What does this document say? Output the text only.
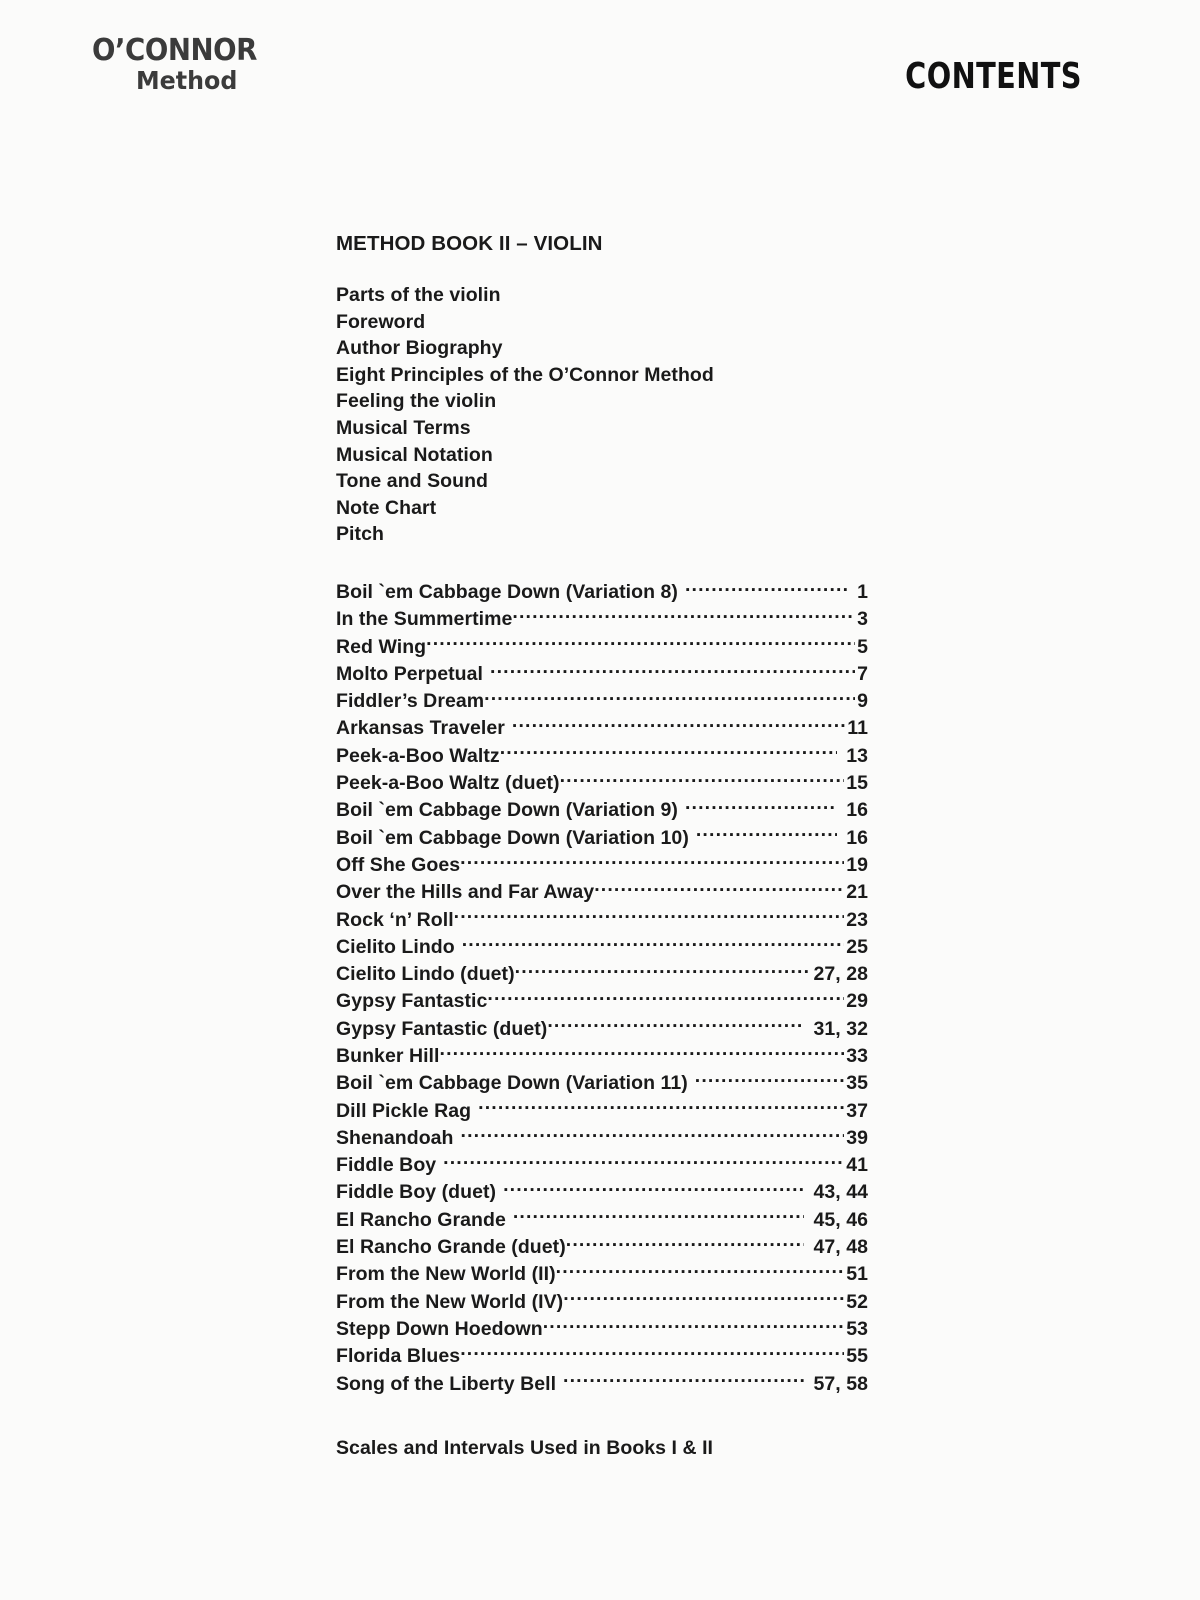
O’CONNOR
Method	CONTENTS
METHOD BOOK II – VIOLIN
Parts of the violin
Foreword
Author Biography
Eight Principles of the O’Connor Method
Feeling the violin
Musical Terms
Musical Notation
Tone and Sound
Note Chart
Pitch
Boil `em Cabbage Down (Variation 8) .....	1
In the Summertime .....	3
Red Wing .....	5
Molto Perpetual .....	7
Fiddler’s Dream .....	9
Arkansas Traveler .....	11
Peek-a-Boo Waltz .....	13
Peek-a-Boo Waltz (duet) .....	15
Boil `em Cabbage Down (Variation 9) .....	16
Boil `em Cabbage Down (Variation 10) .....	16
Off She Goes .....	19
Over the Hills and Far Away .....	21
Rock ‘n’ Roll .....	23
Cielito Lindo .....	25
Cielito Lindo (duet) .....	27, 28
Gypsy Fantastic .....	29
Gypsy Fantastic (duet) .....	31, 32
Bunker Hill .....	33
Boil `em Cabbage Down (Variation 11) .....	35
Dill Pickle Rag .....	37
Shenandoah .....	39
Fiddle Boy .....	41
Fiddle Boy (duet) .....	43, 44
El Rancho Grande .....	45, 46
El Rancho Grande (duet) .....	47, 48
From the New World (II) .....	51
From the New World (IV) .....	52
Stepp Down Hoedown .....	53
Florida Blues .....	55
Song of the Liberty Bell .....	57, 58
Scales and Intervals Used in Books I & II
